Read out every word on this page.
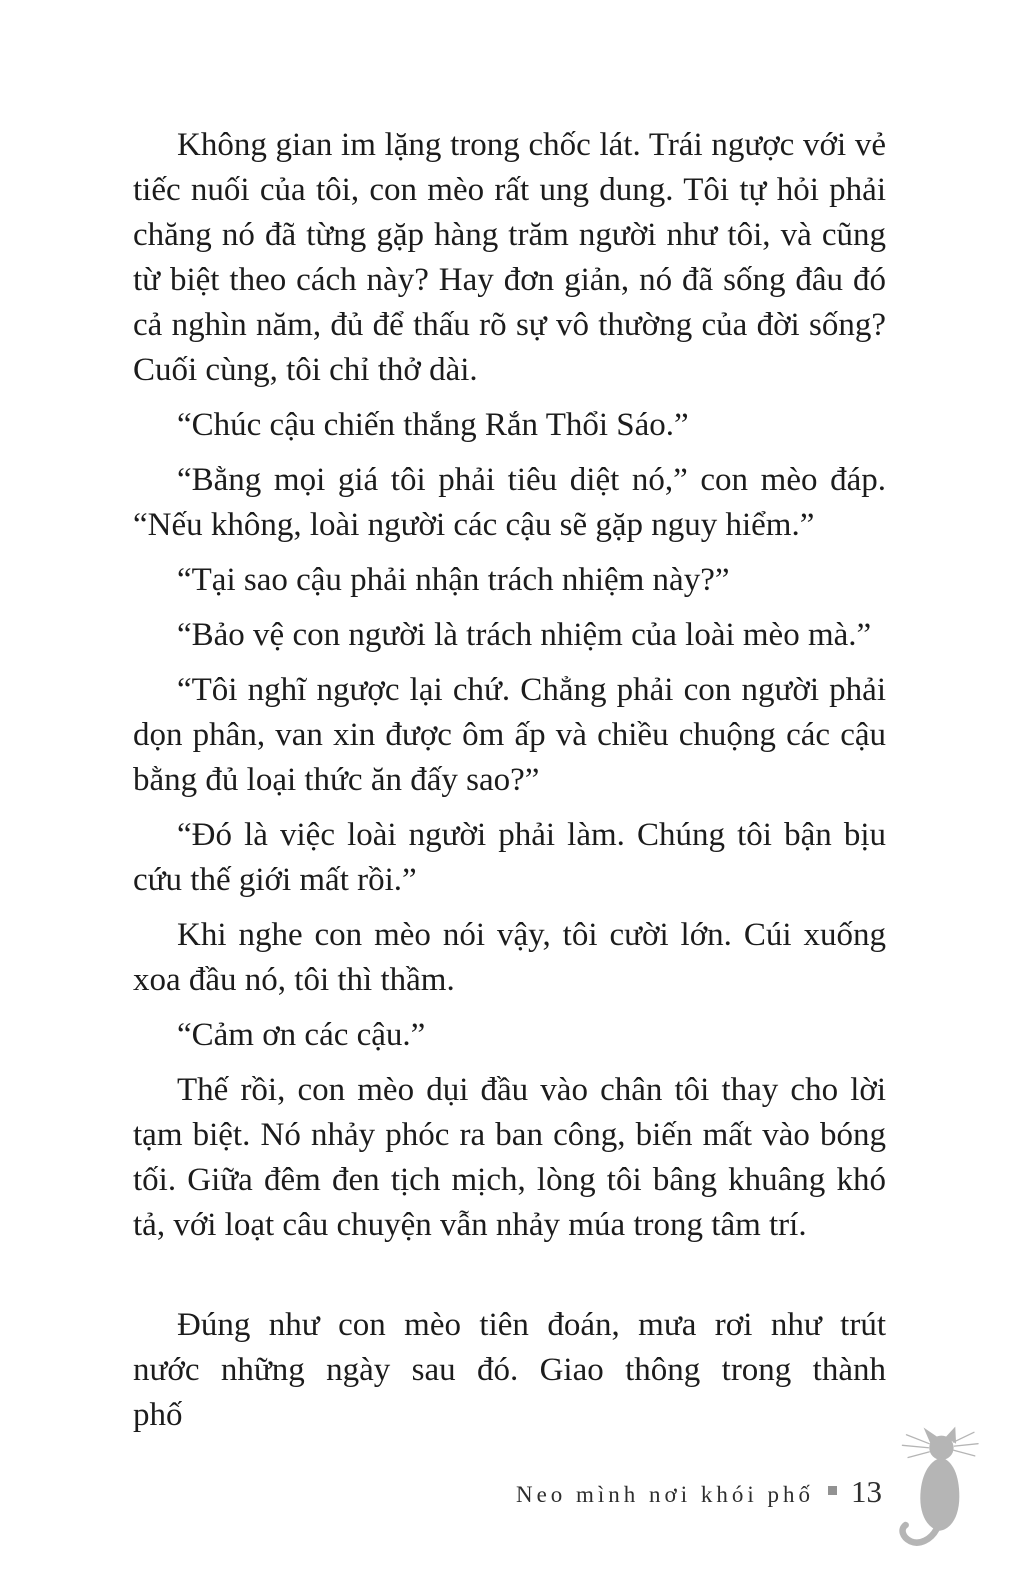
Không gian im lặng trong chốc lát. Trái ngược với vẻ tiếc nuối của tôi, con mèo rất ung dung. Tôi tự hỏi phải chăng nó đã từng gặp hàng trăm người như tôi, và cũng từ biệt theo cách này? Hay đơn giản, nó đã sống đâu đó cả nghìn năm, đủ để thấu rõ sự vô thường của đời sống? Cuối cùng, tôi chỉ thở dài.

“Chúc cậu chiến thắng Rắn Thổi Sáo.”

“Bằng mọi giá tôi phải tiêu diệt nó,” con mèo đáp. “Nếu không, loài người các cậu sẽ gặp nguy hiểm.”

“Tại sao cậu phải nhận trách nhiệm này?”

“Bảo vệ con người là trách nhiệm của loài mèo mà.”

“Tôi nghĩ ngược lại chứ. Chẳng phải con người phải dọn phân, van xin được ôm ấp và chiều chuộng các cậu bằng đủ loại thức ăn đấy sao?”

“Đó là việc loài người phải làm. Chúng tôi bận bịu cứu thế giới mất rồi.”

Khi nghe con mèo nói vậy, tôi cười lớn. Cúi xuống xoa đầu nó, tôi thì thầm.

“Cảm ơn các cậu.”

Thế rồi, con mèo dụi đầu vào chân tôi thay cho lời tạm biệt. Nó nhảy phóc ra ban công, biến mất vào bóng tối. Giữa đêm đen tịch mịch, lòng tôi bâng khuâng khó tả, với loạt câu chuyện vẫn nhảy múa trong tâm trí.

Đúng như con mèo tiên đoán, mưa rơi như trút nước những ngày sau đó. Giao thông trong thành phố

Neo mình nơi khói phố 13
